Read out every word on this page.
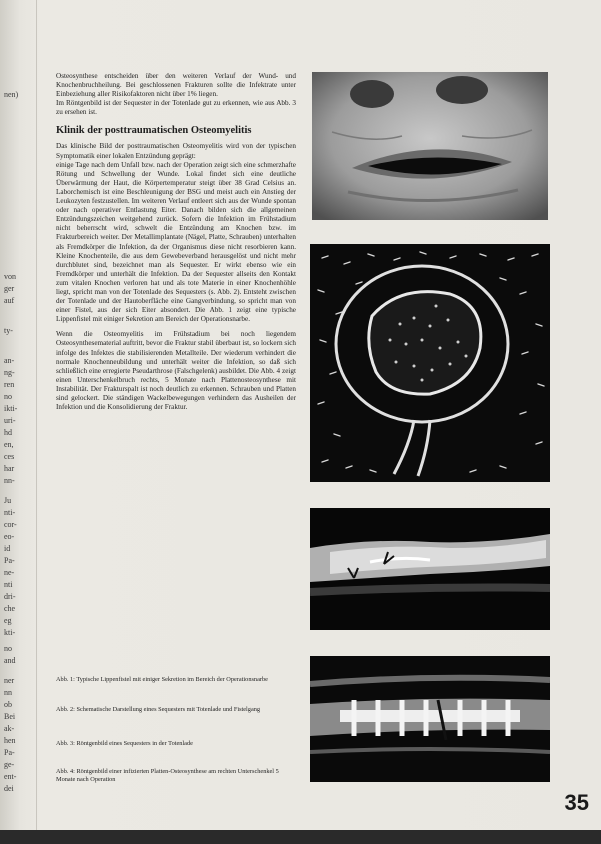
nen)
von
ger
auf
ty-
an-
ng-
ren
no
ikti-
uri-
hd
en,
ces
har
nn-
Ju
nti-
cor-
eo-
id
Pa-
ne-
nti
dri-
che
eg
kti-
no
and
ner
nn
ob
Bei
ak-
hen
Pa-
ge-
ent-
dei

Osteosynthese entscheiden über den weiteren Verlauf der Wund- und Knochenbruchheilung. Bei geschlossenen Frakturen sollte die Infektrate unter Einbeziehung aller Risikofaktoren nicht über 1% liegen.

Im Röntgenbild ist der Sequester in der Totenlade gut zu erkennen, wie aus Abb. 3 zu ersehen ist.

Klinik der posttraumatischen Osteomyelitis

Das klinische Bild der posttraumatischen Osteomyelitis wird von der typischen Symptomatik einer lokalen Entzündung geprägt:

einige Tage nach dem Unfall bzw. nach der Operation zeigt sich eine schmerzhafte Rötung und Schwellung der Wunde. Lokal findet sich eine deutliche Überwärmung der Haut, die Körpertemperatur steigt über 38 Grad Celsius an. Laborchemisch ist eine Beschleunigung der BSG und meist auch ein Anstieg der Leukozyten festzustellen. Im weiteren Verlauf entleert sich aus der Wunde spontan oder nach operativer Entlastung Eiter. Danach bilden sich die allgemeinen Entzündungszeichen weitgehend zurück. Sofern die Infektion im Frühstadium nicht beherrscht wird, schwelt die Entzündung am Knochen bzw. im Frakturbereich weiter. Der Metallimplantate (Nägel, Platte, Schrauben) unterhalten als Fremdkörper die Infektion, da der Organismus diese nicht resorbieren kann. Kleine Knochenteile, die aus dem Gewebeverband herausgelöst und nicht mehr durchblutet sind, bezeichnet man als Sequester. Er wirkt ebenso wie ein Fremdkörper und unterhält die Infektion. Da der Sequester allseits den Kontakt zum vitalen Knochen verloren hat und als tote Materie in einer Knochenhöhle liegt, spricht man von der Totenlade des Sequesters (s. Abb. 2). Entsteht zwischen der Totenlade und der Hautoberfläche eine Gangverbindung, so spricht man von einer Fistel, aus der sich Eiter absondert. Die Abb. 1 zeigt eine typische Lippenfistel mit einiger Sekretion am Bereich der Operationsnarbe.

Wenn die Osteomyelitis im Frühstadium bei noch liegendem Osteosynthesematerial auftritt, bevor die Fraktur stabil überbaut ist, so lockern sich infolge des Infektes die stabilisierenden Metallteile. Der wiederum verhindert die normale Knochenneubildung und unterhält weiter die Infektion, so daß sich schließlich eine erregierte Pseudarthrose (Falschgelenk) ausbildet. Die Abb. 4 zeigt einen Unterschenkelbruch rechts, 5 Monate nach Plattenosteosynthese mit Instabilität. Der Frakturspalt ist noch deutlich zu erkennen. Schrauben und Platten sind gelockert. Die ständigen Wackelbewegungen verhindern das Ausheilen der Infektion und die Konsolidierung der Fraktur.

Abb. 1: Typische Lippenfistel mit einiger Sekretion im Bereich der Operationsnarbe
Abb. 2: Schematische Darstellung eines Sequesters mit Totenlade und Fistelgang
Abb. 3: Röntgenbild eines Sequesters in der Totenlade
Abb. 4: Röntgenbild einer infizierten Platten-Osteosynthese am rechten Unterschenkel 5 Monate nach Operation
35
